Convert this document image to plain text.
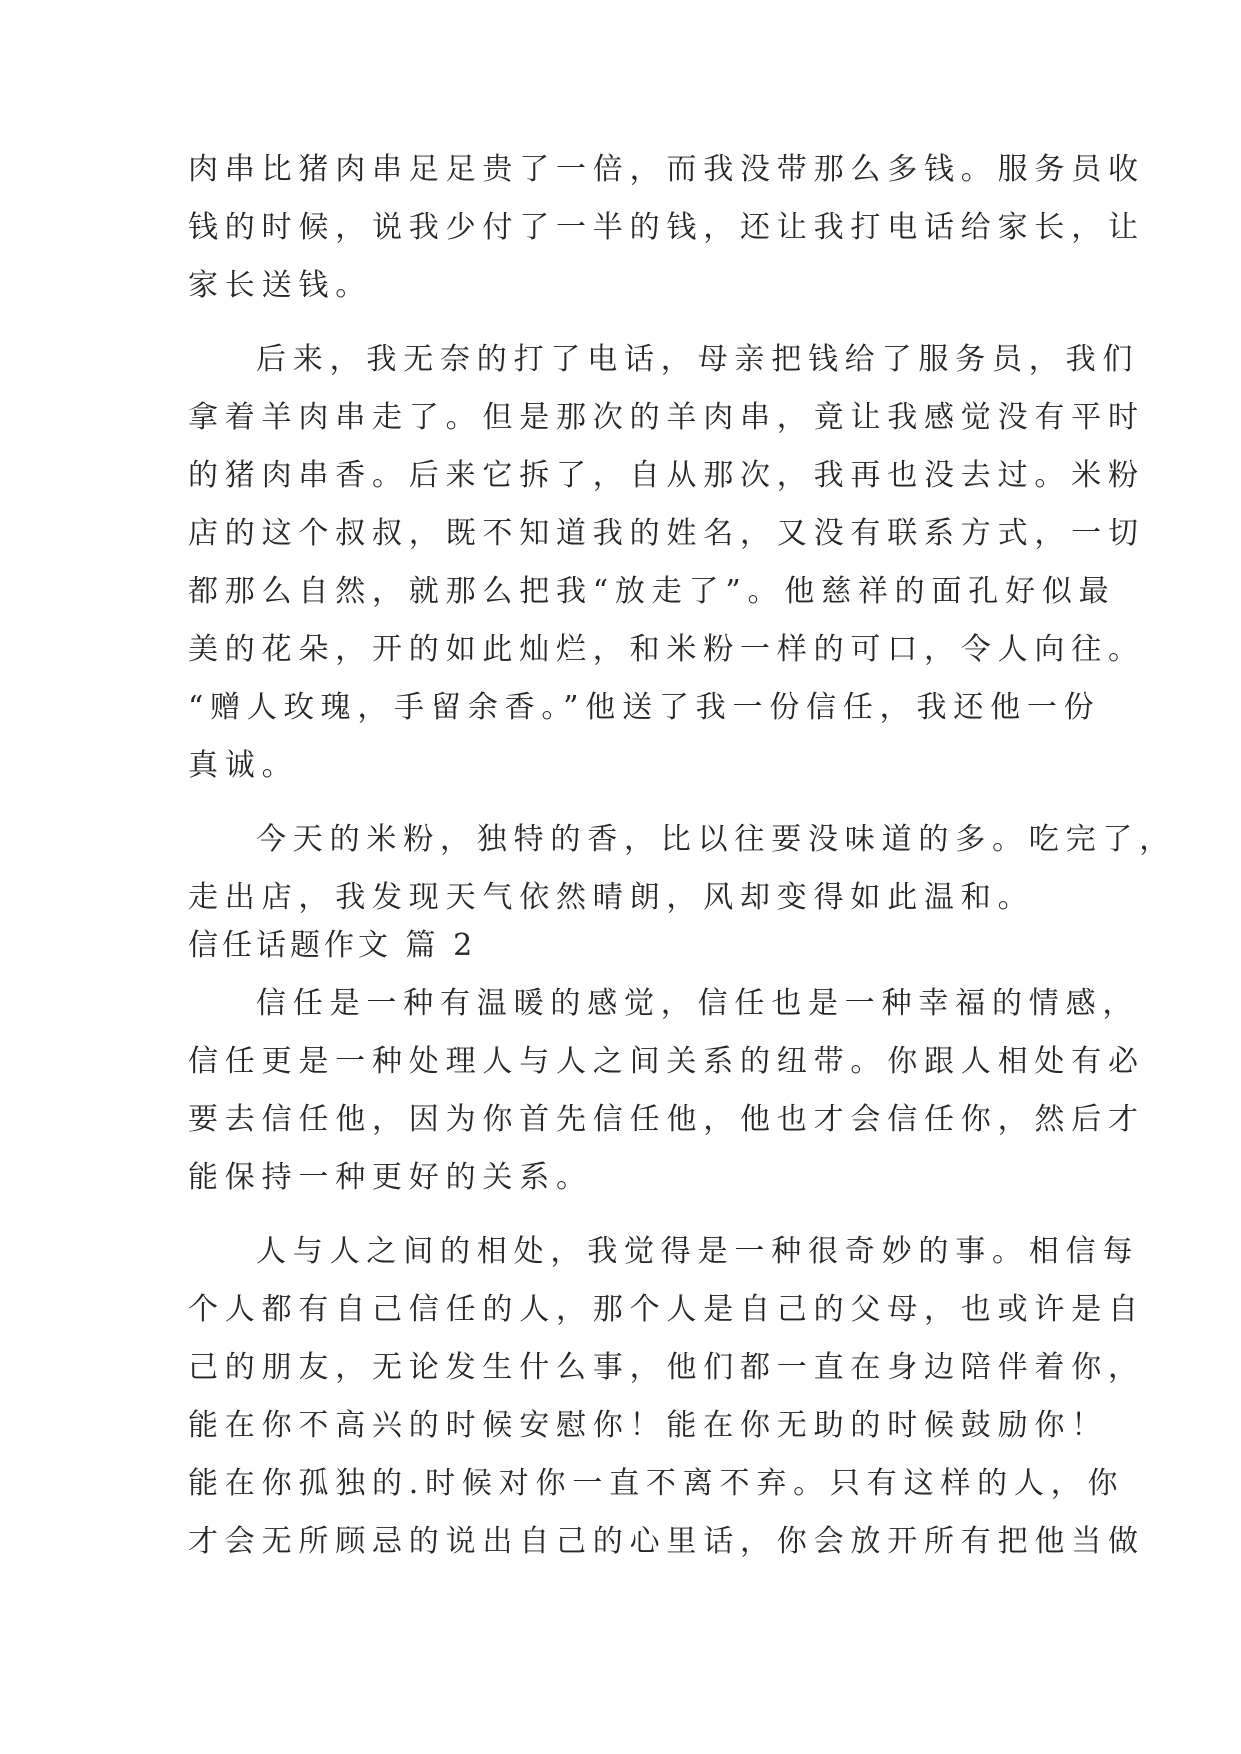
肉串比猪肉串足足贵了一倍，而我没带那么多钱。服务员收
钱的时候，说我少付了一半的钱，还让我打电话给家长，让
家长送钱。
后来，我无奈的打了电话，母亲把钱给了服务员，我们
拿着羊肉串走了。但是那次的羊肉串，竟让我感觉没有平时
的猪肉串香。后来它拆了，自从那次，我再也没去过。米粉
店的这个叔叔，既不知道我的姓名，又没有联系方式，一切
都那么自然，就那么把我“放走了”。他慈祥的面孔好似最
美的花朵，开的如此灿烂，和米粉一样的可口，令人向往。
“赠人玫瑰，手留余香。”他送了我一份信任，我还他一份
真诚。
今天的米粉，独特的香，比以往要没味道的多。吃完了，
走出店，我发现天气依然晴朗，风却变得如此温和。
信任话题作文 篇 2
信任是一种有温暖的感觉，信任也是一种幸福的情感，
信任更是一种处理人与人之间关系的纽带。你跟人相处有必
要去信任他，因为你首先信任他，他也才会信任你，然后才
能保持一种更好的关系。
人与人之间的相处，我觉得是一种很奇妙的事。相信每
个人都有自己信任的人，那个人是自己的父母，也或许是自
己的朋友，无论发生什么事，他们都一直在身边陪伴着你，
能在你不高兴的时候安慰你！能在你无助的时候鼓励你！
能在你孤独的.时候对你一直不离不弃。只有这样的人，你
才会无所顾忌的说出自己的心里话，你会放开所有把他当做
